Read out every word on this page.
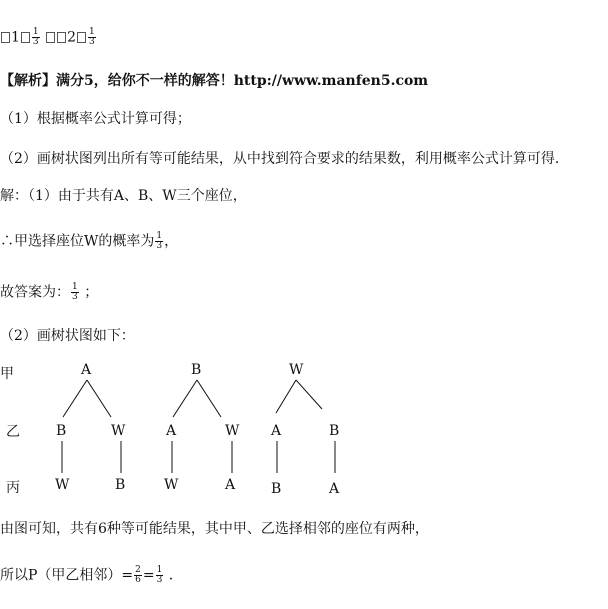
$1 \frac{1}{3} 2 \frac{1}{3}$
【解析】满分5，给你不一样的解答！http://www.manfen5.com
（1）根据概率公式计算可得；
（2）画树状图列出所有等可能结果，从中找到符合要求的结果数，利用概率公式计算可得．
解：（1）由于共有A、B、W三个座位，
∴甲选择座位W的概率为 $\frac{1}{3}$ ，
故答案为： $\frac{1}{3}$ ；
（2）画树状图如下：
甲
乙
丙
A	B	W
B	W	A	W A	B
W	B	W	A	B	A
由图可知，共有6种等可能结果，其中甲、乙选择相邻的座位有两种，
所以P（甲乙相邻）= $\frac{2}{6} = \frac{1}{3}$ ．
